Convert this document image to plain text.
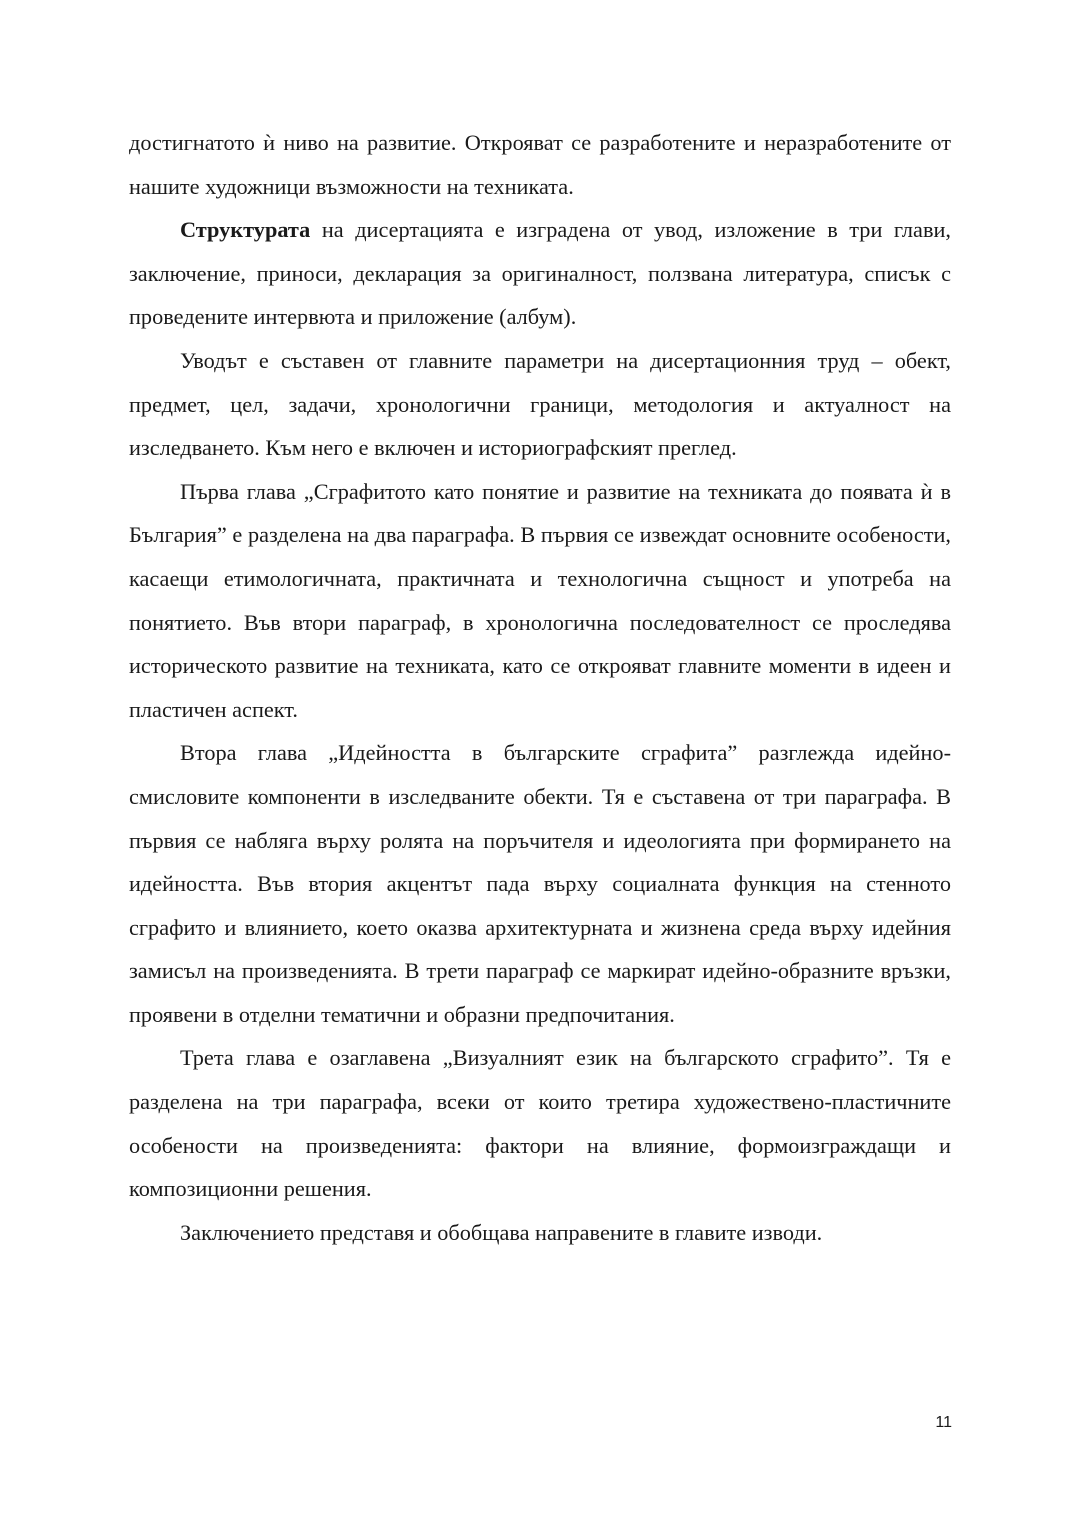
достигнатото ѝ ниво на развитие. Открояват се разработените и неразработените от нашите художници възможности на техниката.

Структурата на дисертацията е изградена от увод, изложение в три глави, заключение, приноси, декларация за оригиналност, ползвана литература, списък с проведените интервюта и приложение (албум).

Уводът е съставен от главните параметри на дисертационния труд – обект, предмет, цел, задачи, хронологични граници, методология и актуалност на изследването. Към него е включен и историографският преглед.

Първа глава „Сграфитото като понятие и развитие на техниката до появата ѝ в България” е разделена на два параграфа. В първия се извеждат основните особености, касаещи етимологичната, практичната и технологична същност и употреба на понятието. Във втори параграф, в хронологична последователност се проследява историческото развитие на техниката, като се открояват главните моменти в идеен и пластичен аспект.

Втора глава „Идейността в българските сграфита” разглежда идейно-смисловите компоненти в изследваните обекти. Тя е съставена от три параграфа. В първия се набляга върху ролята на поръчителя и идеологията при формирането на идейността. Във втория акцентът пада върху социалната функция на стенното сграфито и влиянието, което оказва архитектурната и жизнена среда върху идейния замисъл на произведенията. В трети параграф се маркират идейно-образните връзки, проявени в отделни тематични и образни предпочитания.

Трета глава е озаглавена „Визуалният език на българското сграфито”. Тя е разделена на три параграфа, всеки от които третира художествено-пластичните особености на произведенията: фактори на влияние, формоизграждащи и композиционни решения.

Заключението представя и обобщава направените в главите изводи.

11
